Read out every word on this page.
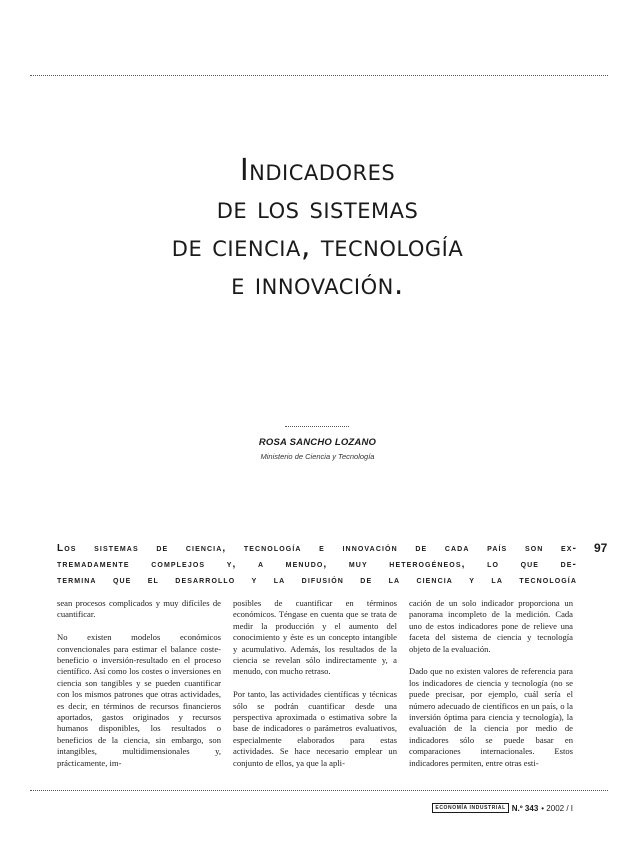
Indicadores
de los sistemas
de ciencia, tecnología
e innovación.
ROSA SANCHO LOZANO
Ministerio de Ciencia y Tecnología
Los sistemas de ciencia, tecnología e innovación de cada país son ex-
tremadamente complejos y, a menudo, muy heterogéneos, lo que de-
termina que el desarrollo y la difusión de la ciencia y la tecnología
97

sean procesos complicados y muy difíciles de cuantificar.

No existen modelos económicos convencionales para estimar el balance coste-beneficio o inversión-resultado en el proceso científico. Así como los costes o inversiones en ciencia son tangibles y se pueden cuantificar con los mismos patrones que otras actividades, es decir, en términos de recursos financieros aportados, gastos originados y recursos humanos disponibles, los resultados o beneficios de la ciencia, sin embargo, son intangibles, multidimensionales y, prácticamente, im-

posibles de cuantificar en términos económicos. Téngase en cuenta que se trata de medir la producción y el aumento del conocimiento y éste es un concepto intangible y acumulativo. Además, los resultados de la ciencia se revelan sólo indirectamente y, a menudo, con mucho retraso.

Por tanto, las actividades científicas y técnicas sólo se podrán cuantificar desde una perspectiva aproximada o estimativa sobre la base de indicadores o parámetros evaluativos, especialmente elaborados para estas actividades. Se hace necesario emplear un conjunto de ellos, ya que la apli-

cación de un solo indicador proporciona un panorama incompleto de la medición. Cada uno de estos indicadores pone de relieve una faceta del sistema de ciencia y tecnología objeto de la evaluación.

Dado que no existen valores de referencia para los indicadores de ciencia y tecnología (no se puede precisar, por ejemplo, cuál sería el número adecuado de científicos en un país, o la inversión óptima para ciencia y tecnología), la evaluación de la ciencia por medio de indicadores sólo se puede basar en comparaciones internacionales. Estos indicadores permiten, entre otras esti-

ECONOMÍA INDUSTRIAL N.º 343 • 2002 / I
